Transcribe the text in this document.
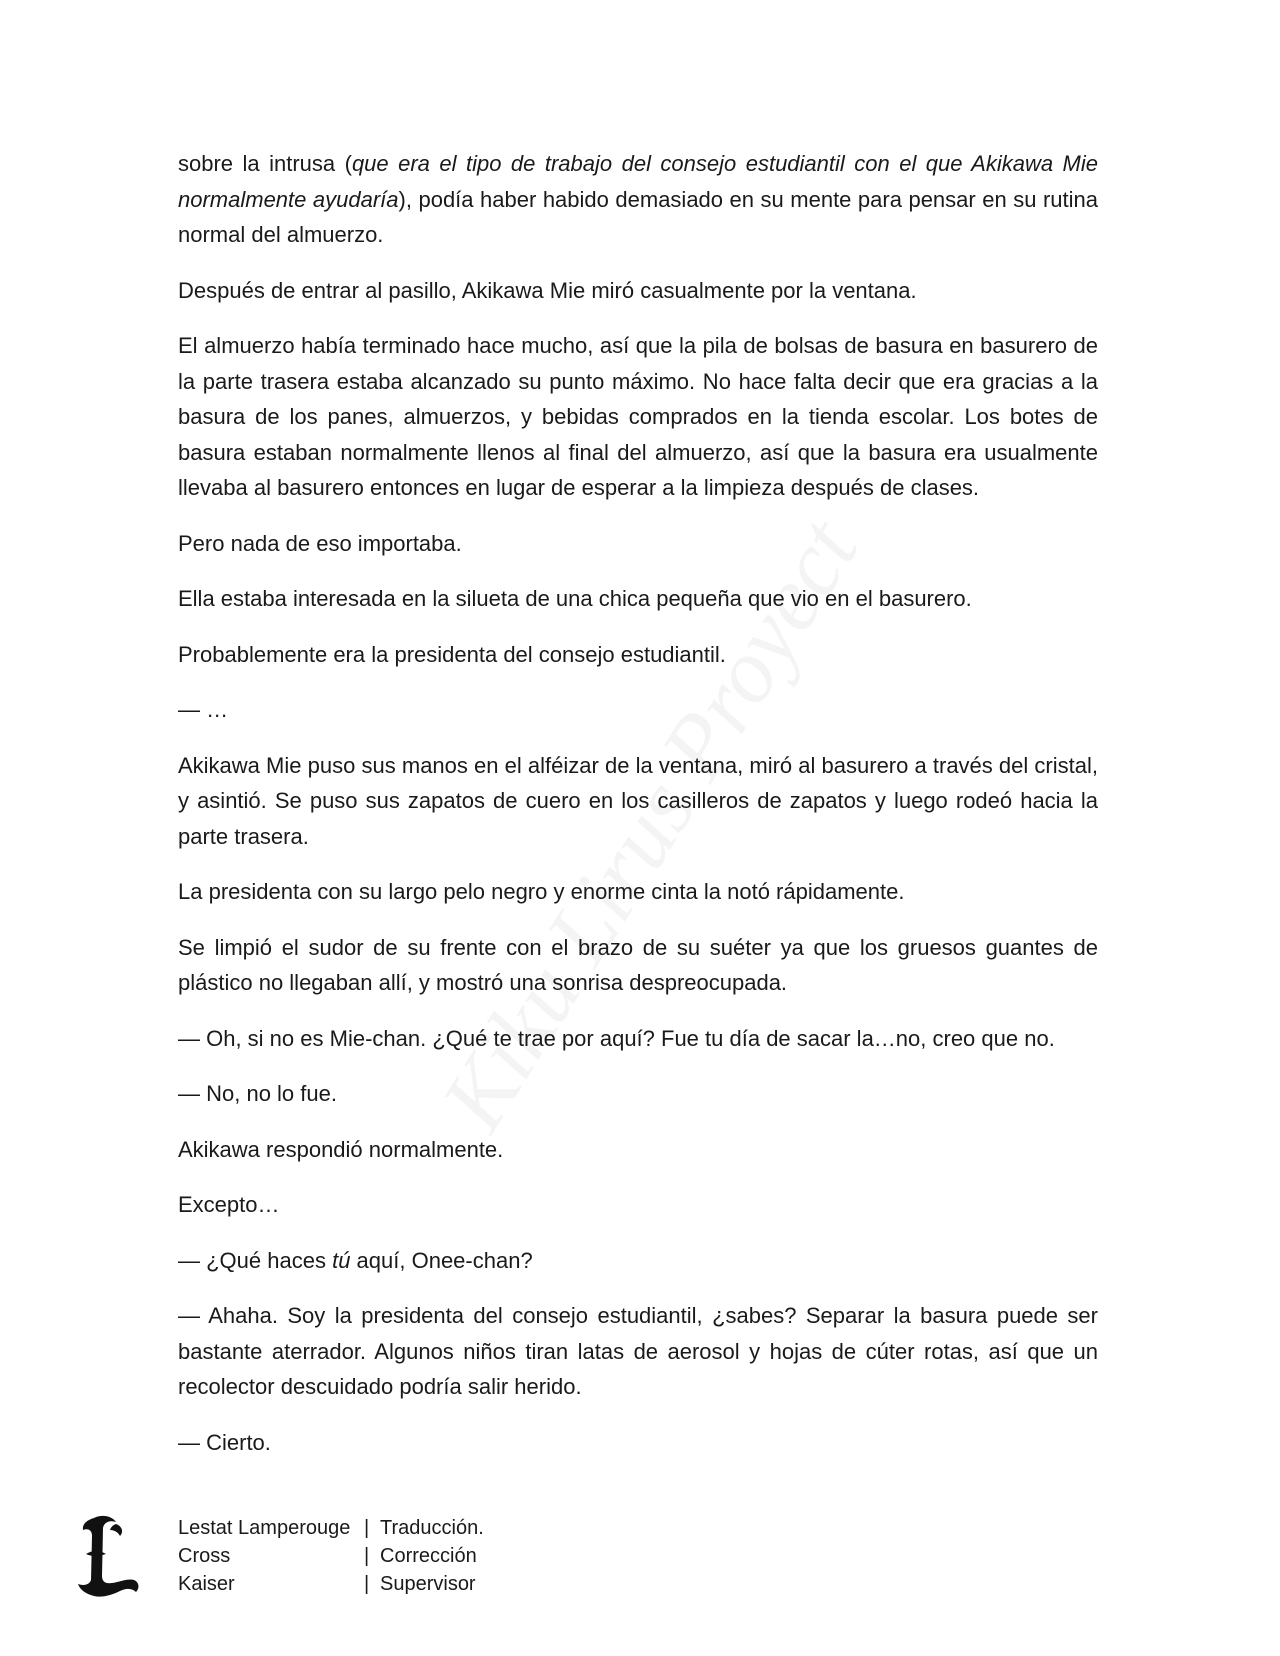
sobre la intrusa (que era el tipo de trabajo del consejo estudiantil con el que Akikawa Mie normalmente ayudaría), podía haber habido demasiado en su mente para pensar en su rutina normal del almuerzo.

Después de entrar al pasillo, Akikawa Mie miró casualmente por la ventana.

El almuerzo había terminado hace mucho, así que la pila de bolsas de basura en basurero de la parte trasera estaba alcanzado su punto máximo. No hace falta decir que era gracias a la basura de los panes, almuerzos, y bebidas comprados en la tienda escolar. Los botes de basura estaban normalmente llenos al final del almuerzo, así que la basura era usualmente llevaba al basurero entonces en lugar de esperar a la limpieza después de clases.

Pero nada de eso importaba.

Ella estaba interesada en la silueta de una chica pequeña que vio en el basurero.

Probablemente era la presidenta del consejo estudiantil.

— …

Akikawa Mie puso sus manos en el alféizar de la ventana, miró al basurero a través del cristal, y asintió. Se puso sus zapatos de cuero en los casilleros de zapatos y luego rodeó hacia la parte trasera.

La presidenta con su largo pelo negro y enorme cinta la notó rápidamente.

Se limpió el sudor de su frente con el brazo de su suéter ya que los gruesos guantes de plástico no llegaban allí, y mostró una sonrisa despreocupada.

— Oh, si no es Mie-chan. ¿Qué te trae por aquí? Fue tu día de sacar la…no, creo que no.

— No, no lo fue.

Akikawa respondió normalmente.

Excepto…

— ¿Qué haces tú aquí, Onee-chan?

— Ahaha. Soy la presidenta del consejo estudiantil, ¿sabes? Separar la basura puede ser bastante aterrador. Algunos niños tiran latas de aerosol y hojas de cúter rotas, así que un recolector descuidado podría salir herido.

— Cierto.

Lestat Lamperouge | Traducción.
Cross	| Corrección
Kaiser	| Supervisor
